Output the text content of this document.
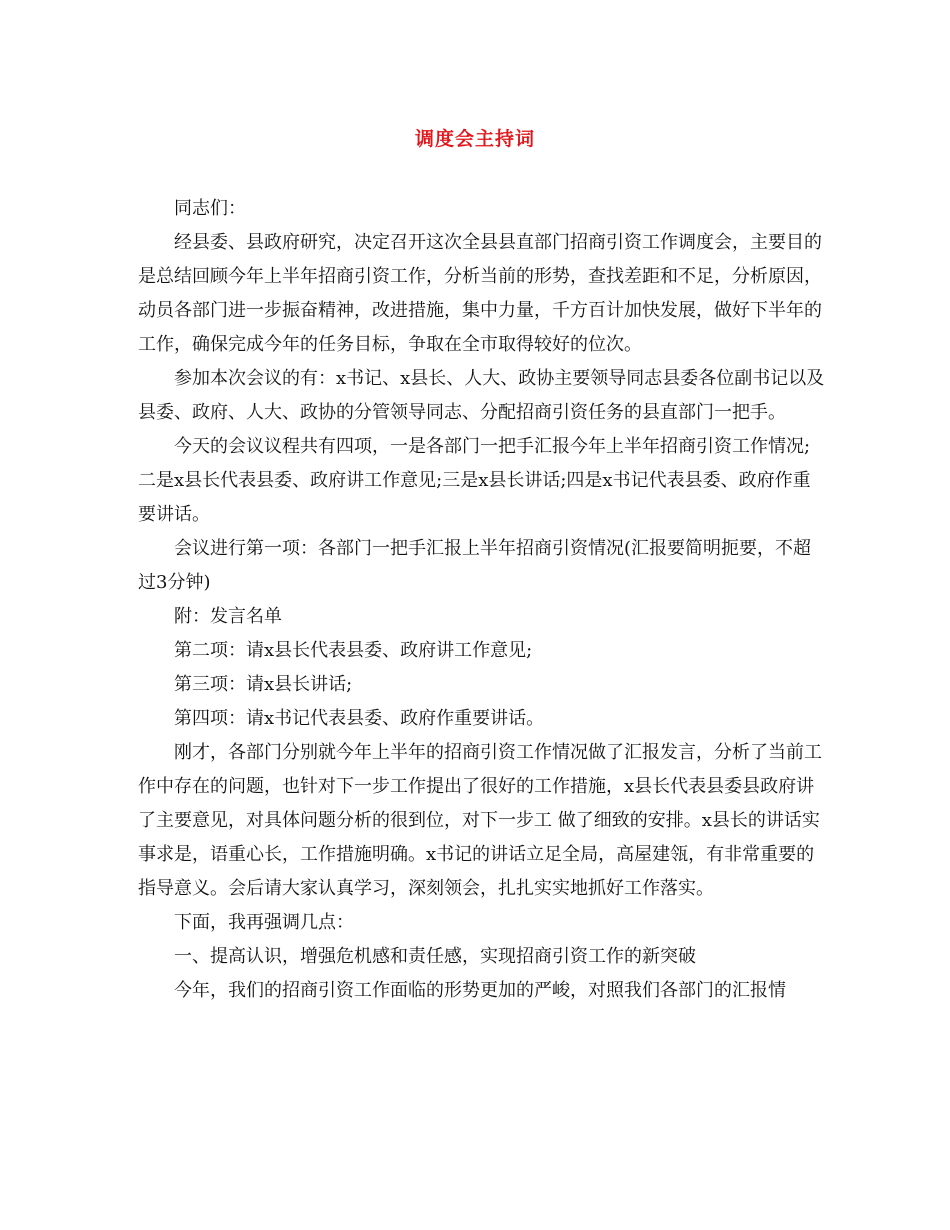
调度会主持词

同志们：

经县委、县政府研究，决定召开这次全县县直部门招商引资工作调度会，主要目的是总结回顾今年上半年招商引资工作，分析当前的形势，查找差距和不足，分析原因，动员各部门进一步振奋精神，改进措施，集中力量，千方百计加快发展，做好下半年的工作，确保完成今年的任务目标，争取在全市取得较好的位次。

参加本次会议的有：x书记、x县长、人大、政协主要领导同志县委各位副书记以及县委、政府、人大、政协的分管领导同志、分配招商引资任务的县直部门一把手。

今天的会议议程共有四项，一是各部门一把手汇报今年上半年招商引资工作情况;二是x县长代表县委、政府讲工作意见;三是x县长讲话;四是x书记代表县委、政府作重要讲话。

会议进行第一项：各部门一把手汇报上半年招商引资情况(汇报要简明扼要，不超过3分钟)

附：发言名单

第二项：请x县长代表县委、政府讲工作意见;

第三项：请x县长讲话;

第四项：请x书记代表县委、政府作重要讲话。

刚才，各部门分别就今年上半年的招商引资工作情况做了汇报发言，分析了当前工作中存在的问题，也针对下一步工作提出了很好的工作措施，x县长代表县委县政府讲了主要意见，对具体问题分析的很到位，对下一步工 做了细致的安排。x县长的讲话实事求是，语重心长，工作措施明确。x书记的讲话立足全局，高屋建瓴，有非常重要的指导意义。会后请大家认真学习，深刻领会，扎扎实实地抓好工作落实。

下面，我再强调几点：

一、提高认识，增强危机感和责任感，实现招商引资工作的新突破

今年，我们的招商引资工作面临的形势更加的严峻，对照我们各部门的汇报情
